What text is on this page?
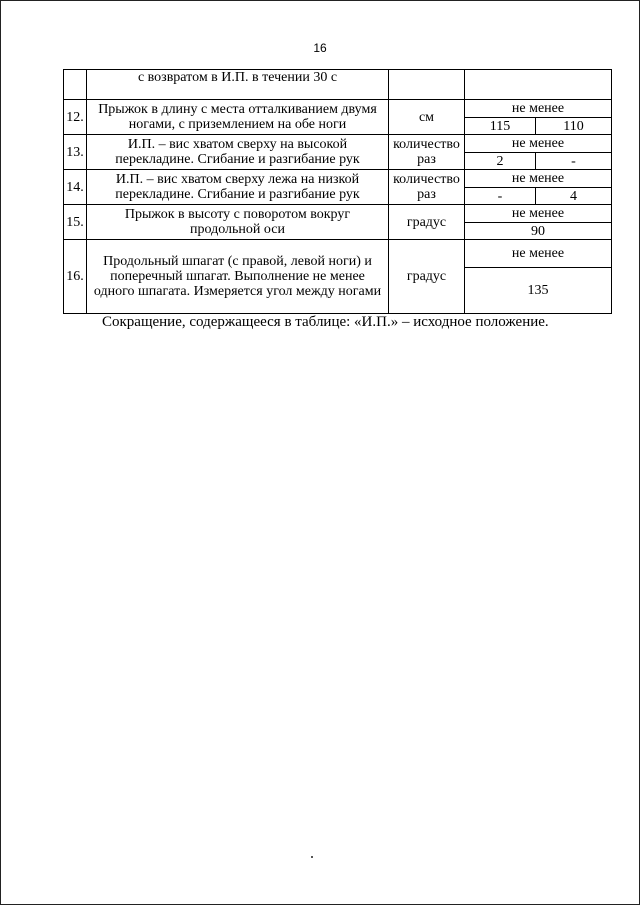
16
	с возвратом в И.П. в течении 30 с			
12.	Прыжок в длину с места отталкиванием двумя ногами, с приземлением на обе ноги	см	не менее	
			115	110
13.	И.П. – вис хватом сверху на высокой перекладине. Сгибание и разгибание рук	количество раз	не менее	
			2	-
14.	И.П. – вис хватом сверху лежа на низкой перекладине. Сгибание и разгибание рук	количество раз	не менее	
			-	4
15.	Прыжок в высоту с поворотом вокруг продольной оси	градус	не менее	
			90	
16.	Продольный шпагат (с правой, левой ноги) и поперечный шпагат. Выполнение не менее одного шпагата. Измеряется угол между ногами	градус	не менее	
			135	
Сокращение, содержащееся в таблице: «И.П.» – исходное положение.
